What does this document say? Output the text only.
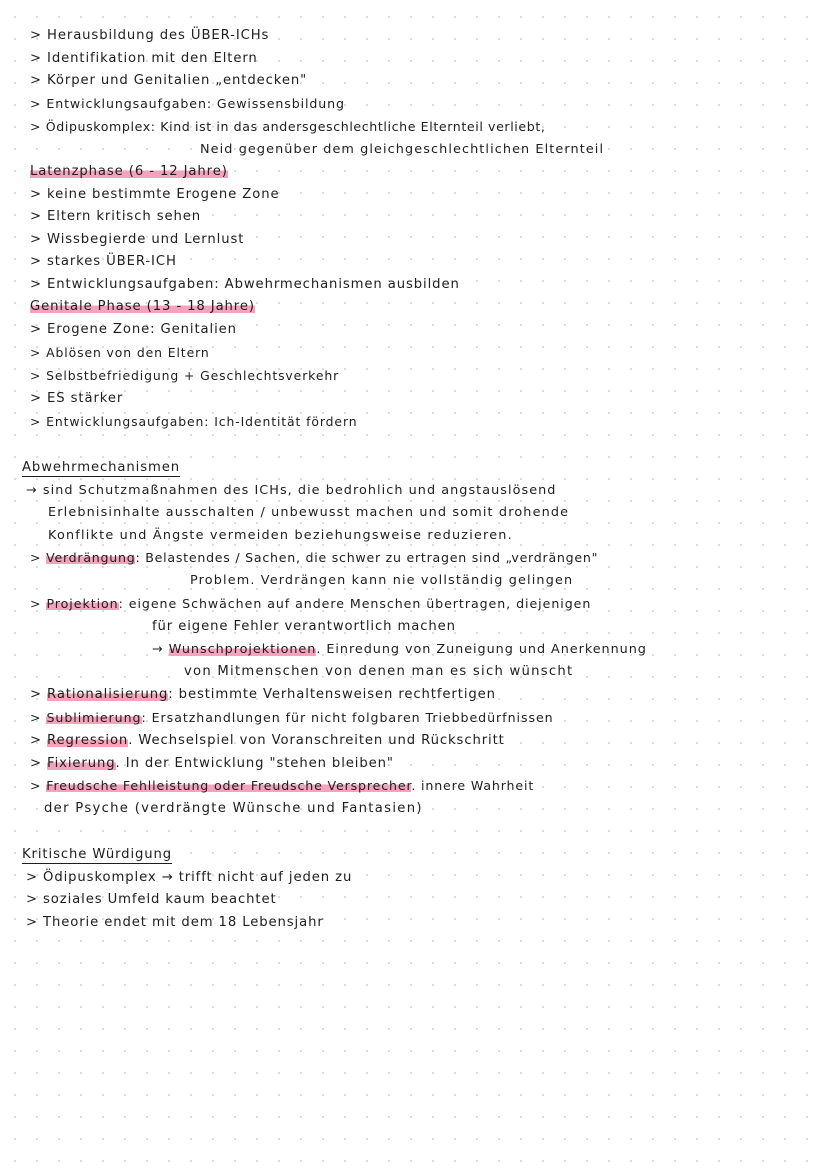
> Herausbildung des ÜBER-ICHs
> Identifikation mit den Eltern
> Körper und Genitalien „entdecken"
> Entwicklungsaufgaben: Gewissensbildung
> Ödipuskomplex: Kind ist in das andersgeschlechtliche Elternteil verliebt,
Neid gegenüber dem gleichgeschlechtlichen Elternteil
Latenzphase (6 - 12 Jahre)
> keine bestimmte Erogene Zone
> Eltern kritisch sehen
> Wissbegierde und Lernlust
> starkes ÜBER-ICH
> Entwicklungsaufgaben: Abwehrmechanismen ausbilden
Genitale Phase (13 - 18 Jahre)
> Erogene Zone: Genitalien
> Ablösen von den Eltern
> Selbstbefriedigung + Geschlechtsverkehr
> ES stärker
> Entwicklungsaufgaben: Ich-Identität fördern
Abwehrmechanismen
→ sind Schutzmaßnahmen des ICHs, die bedrohlich und angstauslösend
Erlebnisinhalte ausschalten / unbewusst machen und somit drohende
Konflikte und Ängste vermeiden beziehungsweise reduzieren.
> Verdrängung: Belastendes / Sachen, die schwer zu ertragen sind „verdrängen"
Problem. Verdrängen kann nie vollständig gelingen
> Projektion: eigene Schwächen auf andere Menschen übertragen, diejenigen
für eigene Fehler verantwortlich machen
→ Wunschprojektionen. Einredung von Zuneigung und Anerkennung
von Mitmenschen von denen man es sich wünscht
> Rationalisierung: bestimmte Verhaltensweisen rechtfertigen
> Sublimierung: Ersatzhandlungen für nicht folgbaren Triebbedürfnissen
> Regression. Wechselspiel von Voranschreiten und Rückschritt
> Fixierung. In der Entwicklung "stehen bleiben"
> Freudsche Fehlleistung oder Freudsche Versprecher. innere Wahrheit
der Psyche (verdrängte Wünsche und Fantasien)
Kritische Würdigung
> Ödipuskomplex → trifft nicht auf jeden zu
> soziales Umfeld kaum beachtet
> Theorie endet mit dem 18 Lebensjahr
